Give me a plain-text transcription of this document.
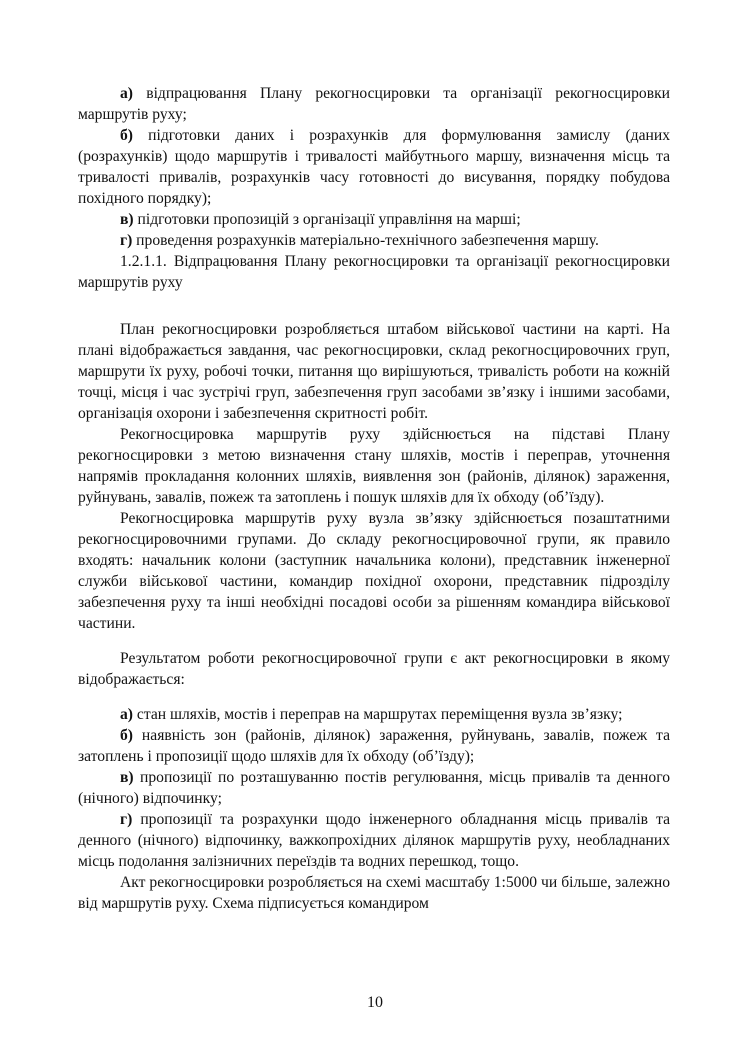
а) відпрацювання Плану рекогносцировки та організації рекогносцировки маршрутів руху;

б) підготовки даних і розрахунків для формулювання замислу (даних (розрахунків) щодо маршрутів і тривалості майбутнього маршу, визначення місць та тривалості привалів, розрахунків часу готовності до висування, порядку побудова похідного порядку);

в) підготовки пропозицій з організації управління на марші;

г) проведення розрахунків матеріально-технічного забезпечення маршу.

1.2.1.1. Відпрацювання Плану рекогносцировки та організації рекогносцировки маршрутів руху

План рекогносцировки розробляється штабом військової частини на карті. На плані відображається завдання, час рекогносцировки, склад рекогносцировочних груп, маршрути їх руху, робочі точки, питання що вирішуються, тривалість роботи на кожній точці, місця і час зустрічі груп, забезпечення груп засобами зв’язку і іншими засобами, організація охорони і забезпечення скритності робіт.

Рекогносцировка маршрутів руху здійснюється на підставі Плану рекогносцировки з метою визначення стану шляхів, мостів і переправ, уточнення напрямів прокладання колонних шляхів, виявлення зон (районів, ділянок) зараження, руйнувань, завалів, пожеж та затоплень і пошук шляхів для їх обходу (об’їзду).

Рекогносцировка маршрутів руху вузла зв’язку здійснюється позаштатними рекогносцировочними групами. До складу рекогносцировочної групи, як правило входять: начальник колони (заступник начальника колони), представник інженерної служби військової частини, командир похідної охорони, представник підрозділу забезпечення руху та інші необхідні посадові особи за рішенням командира військової частини.

Результатом роботи рекогносцировочної групи є акт рекогносцировки в якому відображається:

а) стан шляхів, мостів і переправ на маршрутах переміщення вузла зв’язку;

б) наявність зон (районів, ділянок) зараження, руйнувань, завалів, пожеж та затоплень і пропозиції щодо шляхів для їх обходу (об’їзду);

в) пропозиції по розташуванню постів регулювання, місць привалів та денного (нічного) відпочинку;

г) пропозиції та розрахунки щодо інженерного обладнання місць привалів та денного (нічного) відпочинку, важкопрохідних ділянок маршрутів руху, необладнаних місць подолання залізничних переїздів та водних перешкод, тощо.

Акт рекогносцировки розробляється на схемі масштабу 1:5000 чи більше, залежно від маршрутів руху. Схема підписується командиром

10
